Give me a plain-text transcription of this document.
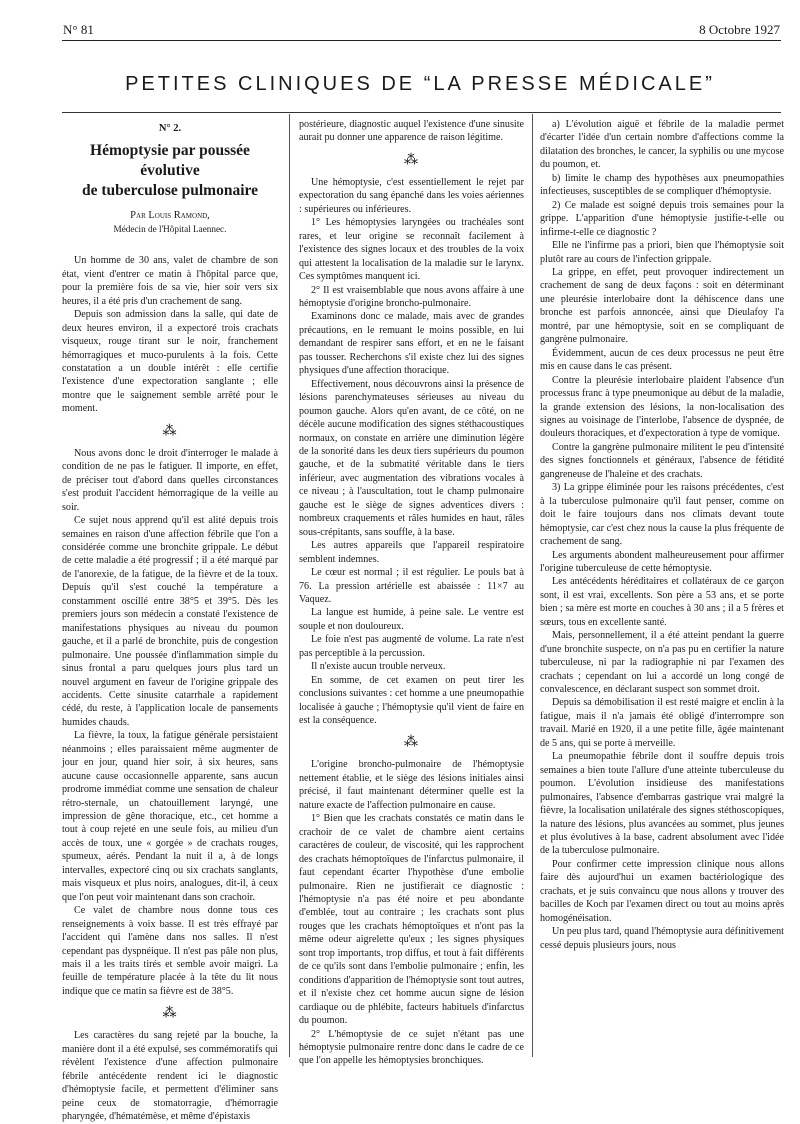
N° 81	8 Octobre 1927
PETITES CLINIQUES DE “LA PRESSE MÉDICALE”
N° 2.
Hémoptysie par poussée évolutive
de tuberculose pulmonaire
Par Louis Ramond,
Médecin de l'Hôpital Laennec.

Un homme de 30 ans, valet de chambre de son état, vient d'entrer ce matin à l'hôpital parce que, pour la première fois de sa vie, hier soir vers six heures, il a été pris d'un crachement de sang.

Depuis son admission dans la salle, qui date de deux heures environ, il a expectoré trois crachats visqueux, rouge tirant sur le noir, franchement hémorragiques et muco-purulents à la fois. Cette constatation a un double intérêt : elle certifie l'existence d'une expectoration sanglante ; elle montre que le saignement semble arrêté pour le moment.

⁂

Nous avons donc le droit d'interroger le malade à condition de ne pas le fatiguer. Il importe, en effet, de préciser tout d'abord dans quelles circonstances s'est produit l'accident hémorragique de la veille au soir.

Ce sujet nous apprend qu'il est alité depuis trois semaines en raison d'une affection fébrile que l'on a considérée comme une bronchite grippale. Le début de cette maladie a été progressif ; il a été marqué par de l'anorexie, de la fatigue, de la fièvre et de la toux. Depuis qu'il s'est couché la température a constamment oscillé entre 38°5 et 39°5. Dès les premiers jours son médecin a constaté l'existence de manifestations physiques au niveau du poumon gauche, et il a parlé de bronchite, puis de congestion pulmonaire. Une poussée d'inflammation simple du sinus frontal a paru quelques jours plus tard un nouvel argument en faveur de l'origine grippale des accidents. Cette sinusite catarrhale a rapidement cédé, du reste, à l'application locale de pansements humides chauds.

La fièvre, la toux, la fatigue générale persistaient néanmoins ; elles paraissaient même augmenter de jour en jour, quand hier soir, à six heures, sans aucune cause occasionnelle apparente, sans aucun prodrome immédiat comme une sensation de chaleur rétro-sternale, un chatouillement laryngé, une impression de gêne thoracique, etc., cet homme a tout à coup rejeté en une seule fois, au milieu d'un accès de toux, une « gorgée » de crachats rouges, spumeux, aérés. Pendant la nuit il a, à de longs intervalles, expectoré cinq ou six crachats sanglants, mais visqueux et plus noirs, analogues, dit-il, à ceux que l'on peut voir maintenant dans son crachoir.

Ce valet de chambre nous donne tous ces renseignements à voix basse. Il est très effrayé par l'accident qui l'amène dans nos salles. Il n'est cependant pas dyspnéique. Il n'est pas pâle non plus, mais il a les traits tirés et semble avoir maigri. La feuille de température placée à la tête du lit nous indique que ce matin sa fièvre est de 38°5.

⁂

Les caractères du sang rejeté par la bouche, la manière dont il a été expulsé, ses commémoratifs qui révèlent l'existence d'une affection pulmonaire fébrile antécédente rendent ici le diagnostic d'hémoptysie facile, et permettent d'éliminer sans peine ceux de stomatorragie, d'hémorragie pharyngée, d'hématémèse, et même d'épistaxis

postérieure, diagnostic auquel l'existence d'une sinusite aurait pu donner une apparence de raison légitime.

⁂

Une hémoptysie, c'est essentiellement le rejet par expectoration du sang épanché dans les voies aériennes : supérieures ou inférieures.

1° Les hémoptysies laryngées ou trachéales sont rares, et leur origine se reconnaît facilement à l'existence des signes locaux et des troubles de la voix qui attestent la localisation de la maladie sur le larynx. Ces symptômes manquent ici.

2° Il est vraisemblable que nous avons affaire à une hémoptysie d'origine broncho-pulmonaire.

Examinons donc ce malade, mais avec de grandes précautions, en le remuant le moins possible, en lui demandant de respirer sans effort, et en ne le faisant pas tousser. Recherchons s'il existe chez lui des signes physiques d'une affection thoracique.

Effectivement, nous découvrons ainsi la présence de lésions parenchymateuses sérieuses au niveau du poumon gauche. Alors qu'en avant, de ce côté, on ne décèle aucune modification des signes stéthacoustiques normaux, on constate en arrière une diminution légère de la sonorité dans les deux tiers supérieurs du poumon gauche, et de la submatité véritable dans le tiers inférieur, avec augmentation des vibrations vocales à ce niveau ; à l'auscultation, tout le champ pulmonaire gauche est le siège de signes adventices divers : nombreux craquements et râles humides en haut, râles sous-crépitants, sans souffle, à la base.

Les autres appareils que l'appareil respiratoire semblent indemnes.

Le cœur est normal ; il est régulier. Le pouls bat à 76. La pression artérielle est abaissée : 11×7 au Vaquez.

La langue est humide, à peine sale. Le ventre est souple et non douloureux.

Le foie n'est pas augmenté de volume. La rate n'est pas perceptible à la percussion.

Il n'existe aucun trouble nerveux.

En somme, de cet examen on peut tirer les conclusions suivantes : cet homme a une pneumopathie localisée à gauche ; l'hémoptysie qu'il vient de faire en est la conséquence.

⁂

L'origine broncho-pulmonaire de l'hémoptysie nettement établie, et le siège des lésions initiales ainsi précisé, il faut maintenant déterminer quelle est la nature exacte de l'affection pulmonaire en cause.

1° Bien que les crachats constatés ce matin dans le crachoir de ce valet de chambre aient certains caractères de couleur, de viscosité, qui les rapprochent des crachats hémoptoïques de l'infarctus pulmonaire, il faut cependant écarter l'hypothèse d'une embolie pulmonaire. Rien ne justifierait ce diagnostic : l'hémoptysie n'a pas été noire et peu abondante d'emblée, tout au contraire ; les crachats sont plus rouges que les crachats hémoptoïques et n'ont pas la même odeur aigrelette qu'eux ; les signes physiques sont trop importants, trop diffus, et tout à fait différents de ce qu'ils sont dans l'embolie pulmonaire ; enfin, les conditions d'apparition de l'hémoptysie sont tout autres, et il n'existe chez cet homme aucun signe de lésion cardiaque ou de phlébite, facteurs habituels d'infarctus du poumon.

2° L'hémoptysie de ce sujet n'étant pas une hémoptysie pulmonaire rentre donc dans le cadre de ce que l'on appelle les hémoptysies bronchiques.

a) L'évolution aiguë et fébrile de la maladie permet d'écarter l'idée d'un certain nombre d'affections comme la dilatation des bronches, le cancer, la syphilis ou une mycose du poumon, et.

b) limite le champ des hypothèses aux pneumopathies infectieuses, susceptibles de se compliquer d'hémoptysie.

2) Ce malade est soigné depuis trois semaines pour la grippe. L'apparition d'une hémoptysie justifie-t-elle ou infirme-t-elle ce diagnostic ?

Elle ne l'infirme pas a priori, bien que l'hémoptysie soit plutôt rare au cours de l'infection grippale.

La grippe, en effet, peut provoquer indirectement un crachement de sang de deux façons : soit en déterminant une pleurésie interlobaire dont la déhiscence dans une bronche est parfois annoncée, ainsi que Dieulafoy l'a montré, par une hémoptysie, soit en se compliquant de gangrène pulmonaire.

Évidemment, aucun de ces deux processus ne peut être mis en cause dans le cas présent.

Contre la pleurésie interlobaire plaident l'absence d'un processus franc à type pneumonique au début de la maladie, la grande extension des lésions, la non-localisation des signes au voisinage de l'interlobe, l'absence de dyspnée, de douleurs thoraciques, et d'expectoration à type de vomique.

Contre la gangrène pulmonaire militent le peu d'intensité des signes fonctionnels et généraux, l'absence de fétidité gangreneuse de l'haleine et des crachats.

3) La grippe éliminée pour les raisons précédentes, c'est à la tuberculose pulmonaire qu'il faut penser, comme on doit le faire toujours dans nos climats devant toute hémoptysie, car c'est chez nous la cause la plus fréquente de crachement de sang.

Les arguments abondent malheureusement pour affirmer l'origine tuberculeuse de cette hémoptysie.

Les antécédents héréditaires et collatéraux de ce garçon sont, il est vrai, excellents. Son père a 53 ans, et se porte bien ; sa mère est morte en couches à 30 ans ; il a 5 frères et sœurs, tous en excellente santé.

Mais, personnellement, il a été atteint pendant la guerre d'une bronchite suspecte, on n'a pas pu en certifier la nature tuberculeuse, ni par la radiographie ni par l'examen des crachats ; cependant on lui a accordé un long congé de convalescence, en déclarant suspect son sommet droit.

Depuis sa démobilisation il est resté maigre et enclin à la fatigue, mais il n'a jamais été obligé d'interrompre son travail. Marié en 1920, il a une petite fille, âgée maintenant de 5 ans, qui se porte à merveille.

La pneumopathie fébrile dont il souffre depuis trois semaines a bien toute l'allure d'une atteinte tuberculeuse du poumon. L'évolution insidieuse des manifestations pulmonaires, l'absence d'embarras gastrique vrai malgré la fièvre, la localisation unilatérale des signes stéthoscopiques, la nature des lésions, plus avancées au sommet, plus jeunes et plus évolutives à la base, cadrent absolument avec l'idée de la tuberculose pulmonaire.

Pour confirmer cette impression clinique nous allons faire dès aujourd'hui un examen bactériologique des crachats, et je suis convaincu que nous allons y trouver des bacilles de Koch par l'examen direct ou tout au moins après homogénéisation.

Un peu plus tard, quand l'hémoptysie aura définitivement cessé depuis plusieurs jours, nous
